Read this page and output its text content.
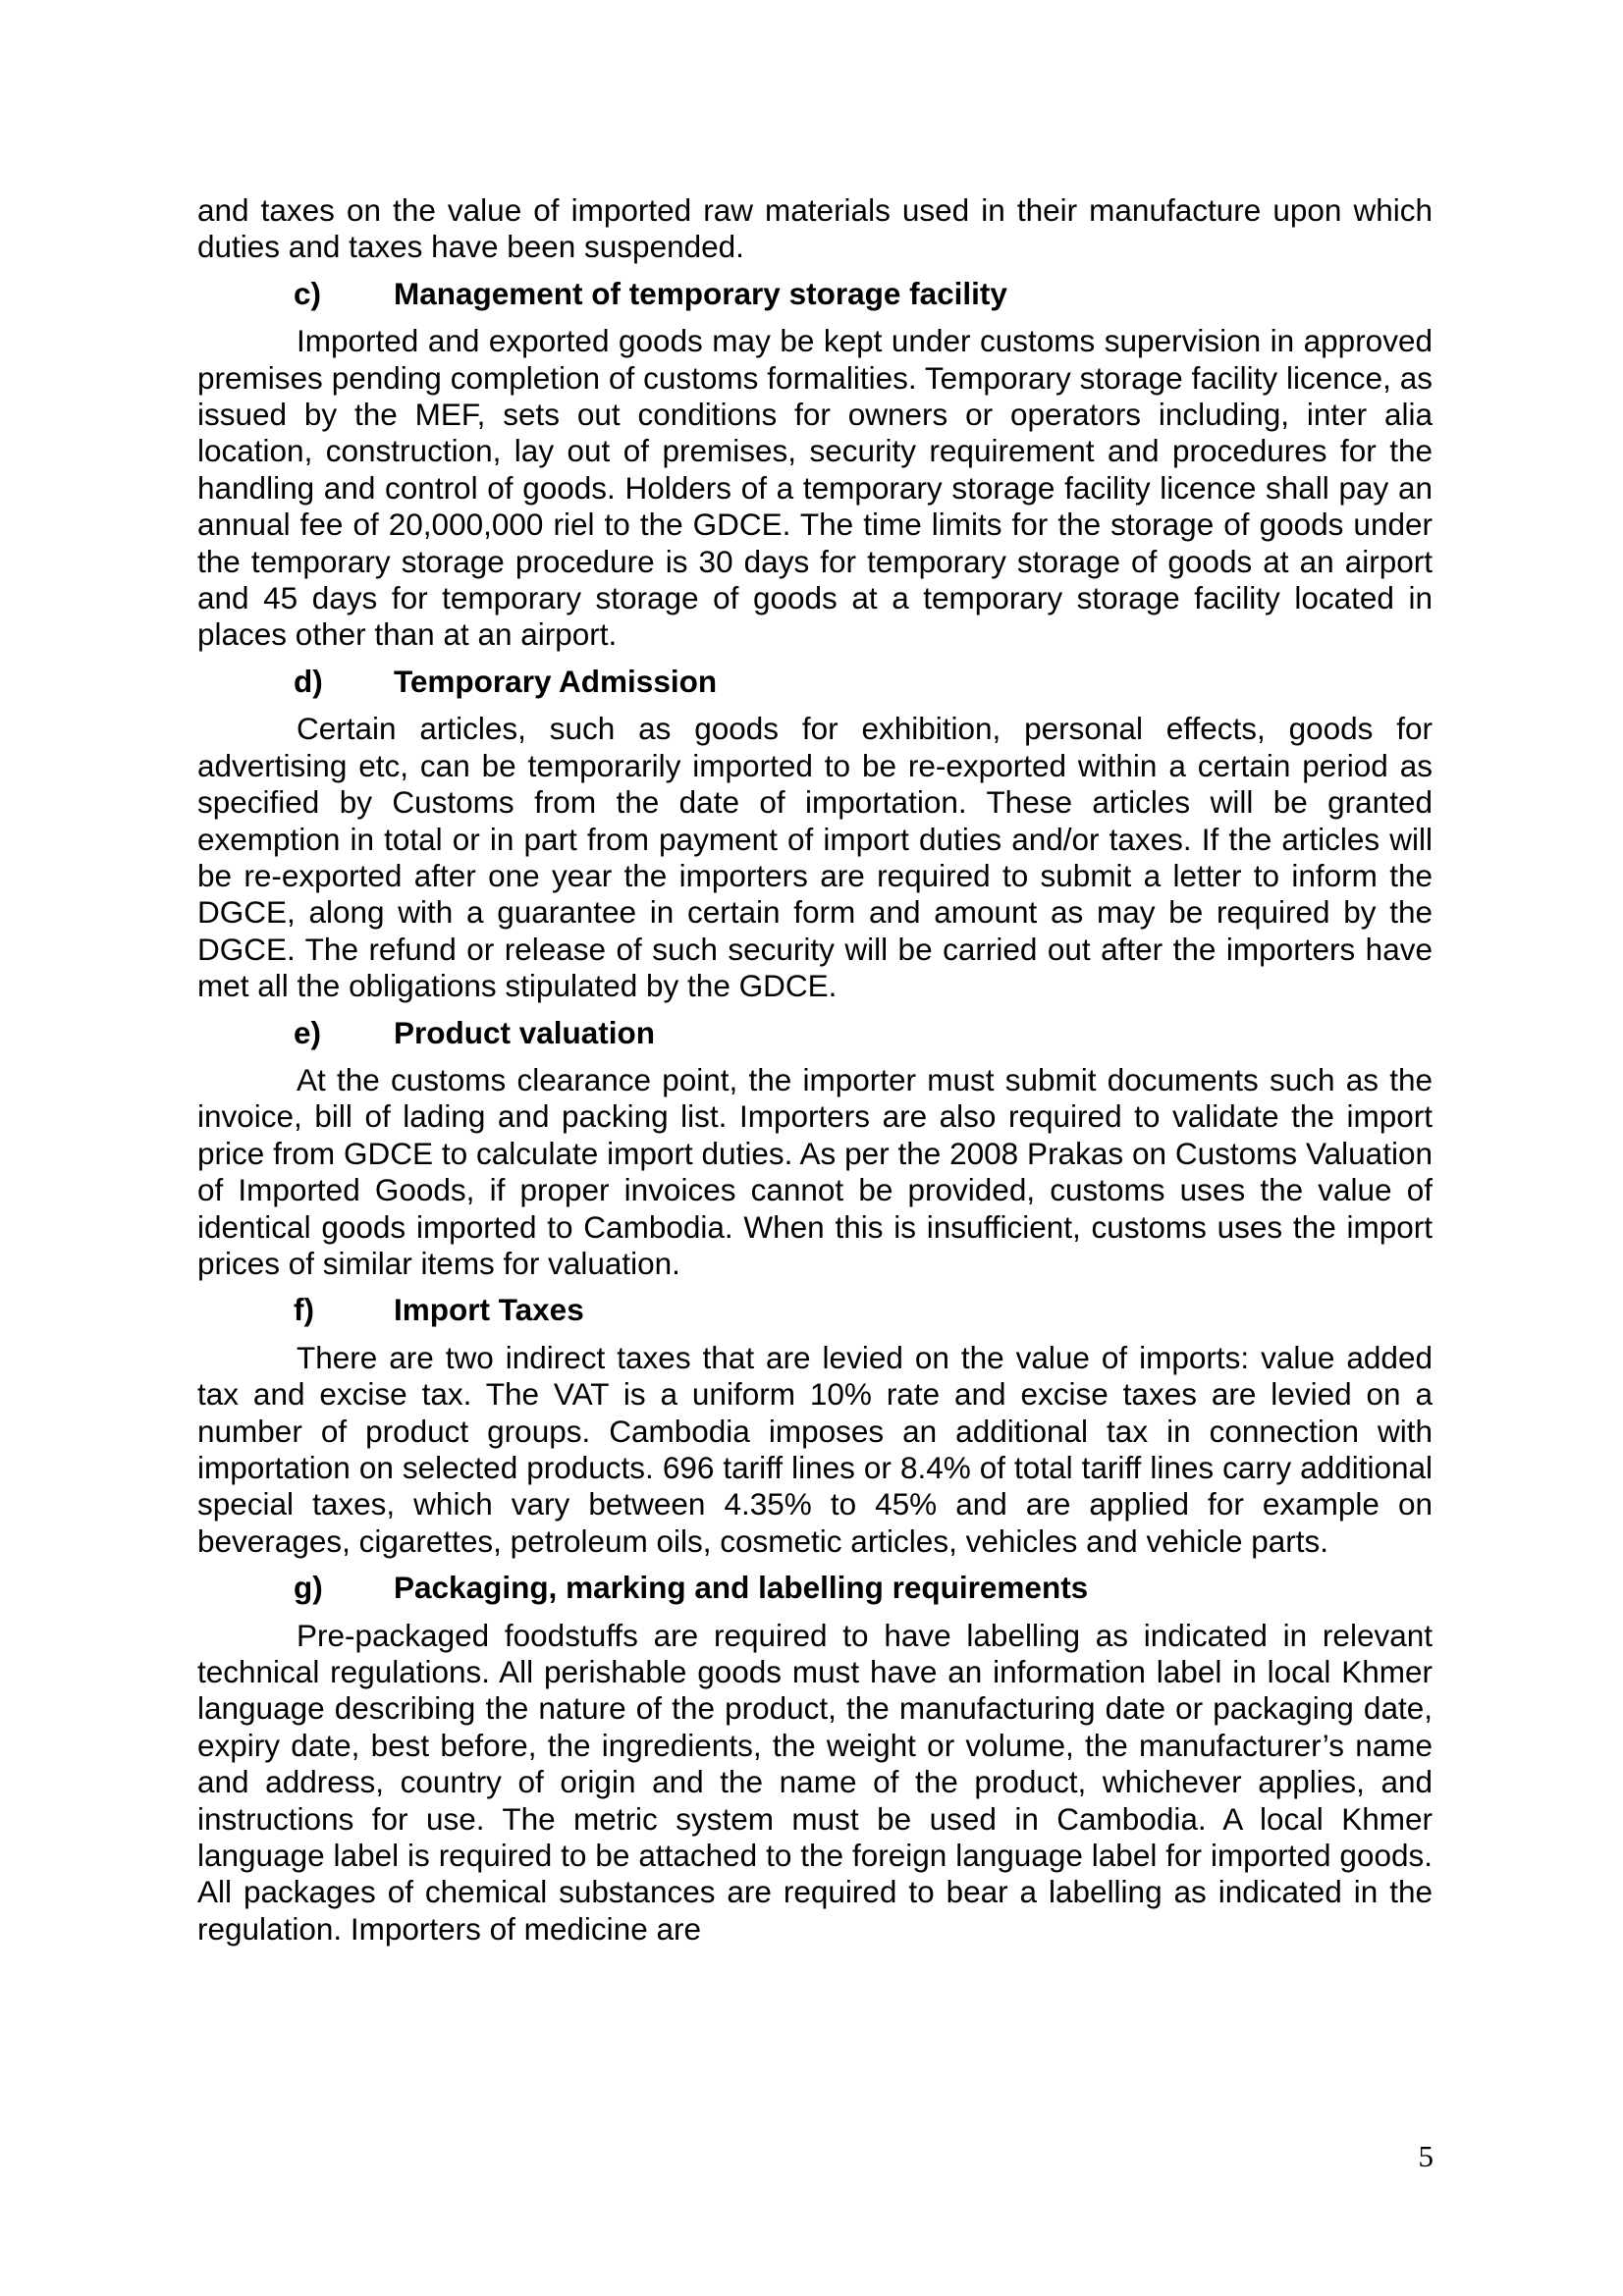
and taxes on the value of imported raw materials used in their manufacture upon which duties and taxes have been suspended.

c) Management of temporary storage facility

Imported and exported goods may be kept under customs supervision in approved premises pending completion of customs formalities. Temporary storage facility licence, as issued by the MEF, sets out conditions for owners or operators including, inter alia location, construction, lay out of premises, security requirement and procedures for the handling and control of goods. Holders of a temporary storage facility licence shall pay an annual fee of 20,000,000 riel to the GDCE. The time limits for the storage of goods under the temporary storage procedure is 30 days for temporary storage of goods at an airport and 45 days for temporary storage of goods at a temporary storage facility located in places other than at an airport.

d) Temporary Admission

Certain articles, such as goods for exhibition, personal effects, goods for advertising etc, can be temporarily imported to be re-exported within a certain period as specified by Customs from the date of importation. These articles will be granted exemption in total or in part from payment of import duties and/or taxes. If the articles will be re-exported after one year the importers are required to submit a letter to inform the DGCE, along with a guarantee in certain form and amount as may be required by the DGCE. The refund or release of such security will be carried out after the importers have met all the obligations stipulated by the GDCE.

e) Product valuation

At the customs clearance point, the importer must submit documents such as the invoice, bill of lading and packing list. Importers are also required to validate the import price from GDCE to calculate import duties. As per the 2008 Prakas on Customs Valuation of Imported Goods, if proper invoices cannot be provided, customs uses the value of identical goods imported to Cambodia. When this is insufficient, customs uses the import prices of similar items for valuation.

f)	Import Taxes

There are two indirect taxes that are levied on the value of imports: value added tax and excise tax. The VAT is a uniform 10% rate and excise taxes are levied on a number of product groups. Cambodia imposes an additional tax in connection with importation on selected products. 696 tariff lines or 8.4% of total tariff lines carry additional special taxes, which vary between 4.35% to 45% and are applied for example on beverages, cigarettes, petroleum oils, cosmetic articles, vehicles and vehicle parts.

g) Packaging, marking and labelling requirements

Pre-packaged foodstuffs are required to have labelling as indicated in relevant technical regulations. All perishable goods must have an information label in local Khmer language describing the nature of the product, the manufacturing date or packaging date, expiry date, best before, the ingredients, the weight or volume, the manufacturer’s name and address, country of origin and the name of the product, whichever applies, and instructions for use. The metric system must be used in Cambodia. A local Khmer language label is required to be attached to the foreign language label for imported goods. All packages of chemical substances are required to bear a labelling as indicated in the regulation. Importers of medicine are

5
